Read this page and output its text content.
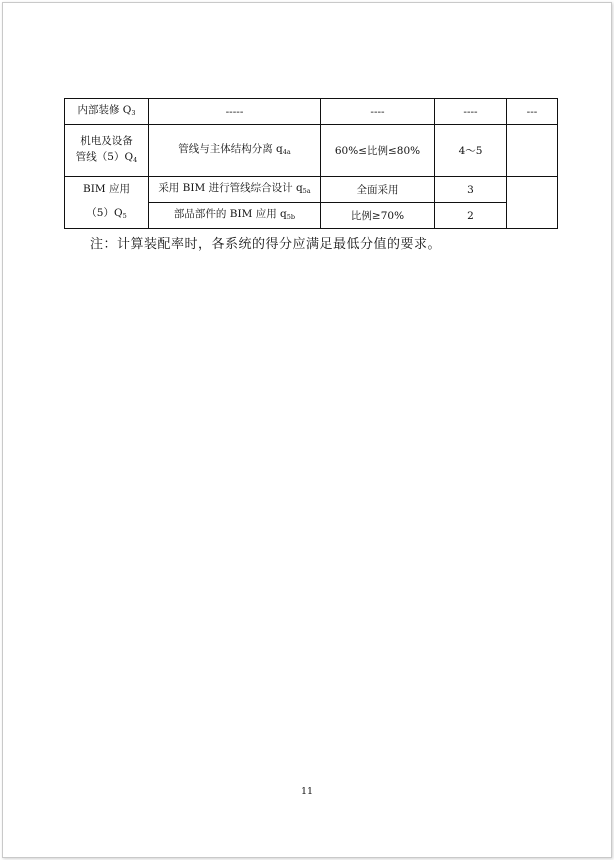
内部装修 $Q_3$	-----	----	----	---

机电及设备
管线$(5)Q_4$	管线与主体结构分离 $q_{4a}$	60%≤比例≤80%	4～5	

BIM 应用
$(5)Q_5$	采用 BIM 进行管线综合设计 $q_{5a}$	全面采用	3	
	部品部件的 BIM 应用 $q_{5b}$	比例≥70%	2	
注：计算装配率时，各系统的得分应满足最低分值的要求。
11
